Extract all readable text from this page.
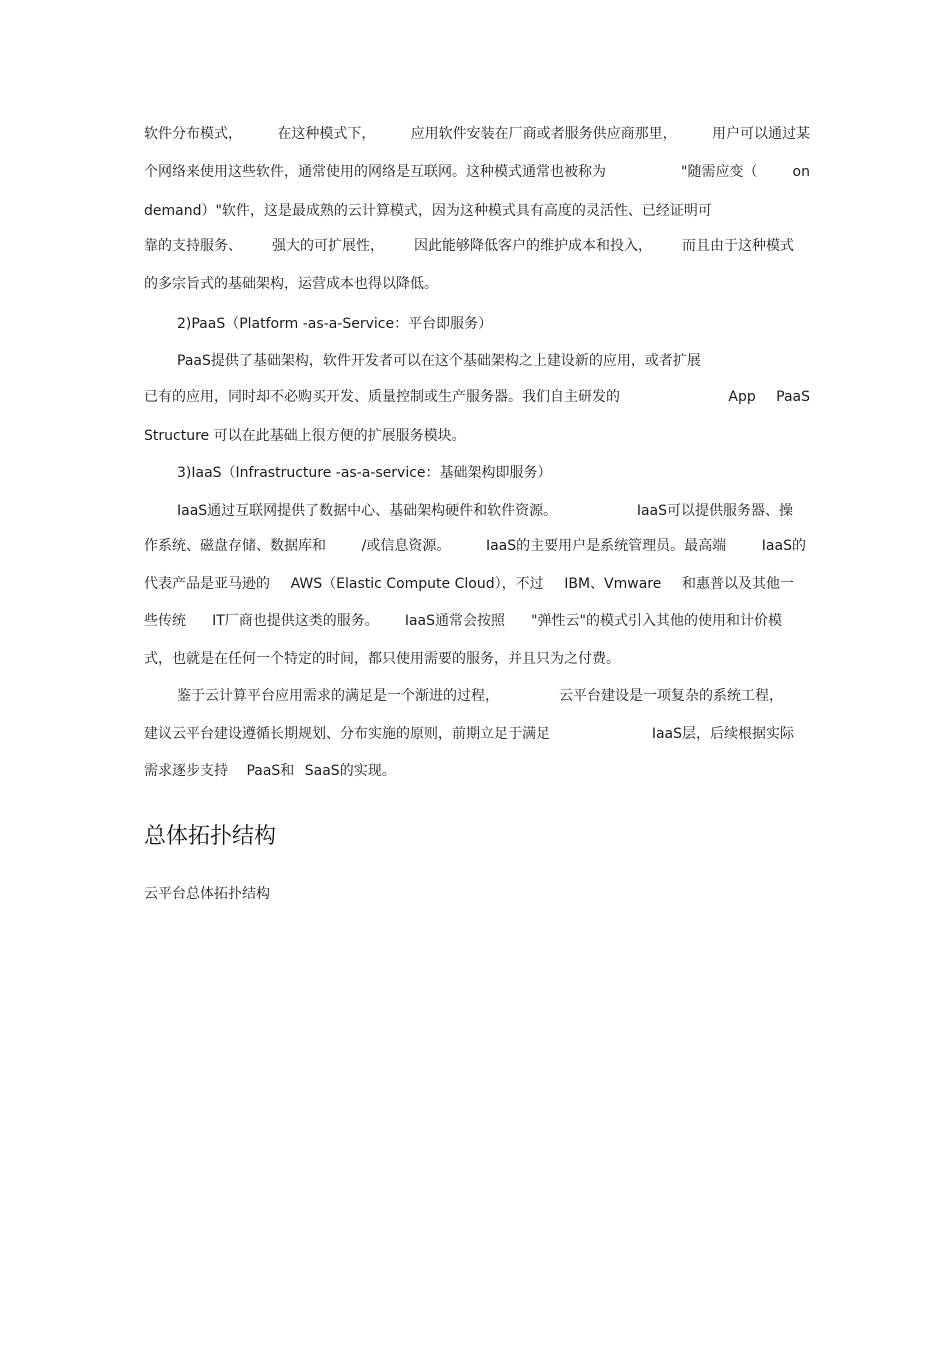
软件分布模式，	在这种模式下，	应用软件安装在厂商或者服务供应商那里，	用户可以通过某

个网络来使用这些软件，通常使用的网络是互联网。这种模式通常也被称为	"随需应变（	on

demand）"软件，这是最成熟的云计算模式，因为这种模式具有高度的灵活性、已经证明可

靠的支持服务、 强大的可扩展性， 因此能够降低客户的维护成本和投入， 而且由于这种模式

的多宗旨式的基础架构，运营成本也得以降低。

2)PaaS（Platform -as-a-Service：平台即服务）

PaaS提供了基础架构，软件开发者可以在这个基础架构之上建设新的应用，或者扩展

已有的应用，同时却不必购买开发、质量控制或生产服务器。我们自主研发的	App PaaS

Structure 可以在此基础上很方便的扩展服务模块。

3)IaaS（Infrastructure -as-a-service：基础架构即服务）

IaaS通过互联网提供了数据中心、基础架构硬件和软件资源。	IaaS可以提供服务器、操

作系统、磁盘存储、数据库和	/或信息资源。	IaaS的主要用户是系统管理员。最高端	IaaS的

代表产品是亚马逊的 AWS（Elastic Compute Cloud），不过 IBM、Vmware 和惠普以及其他一

些传统 IT厂商也提供这类的服务。 IaaS通常会按照 "弹性云"的模式引入其他的使用和计价模

式，也就是在任何一个特定的时间，都只使用需要的服务，并且只为之付费。

鉴于云计算平台应用需求的满足是一个渐进的过程，	云平台建设是一项复杂的系统工程，

建议云平台建设遵循长期规划、分布实施的原则，前期立足于满足	IaaS层，后续根据实际

需求逐步支持 PaaS和 SaaS的实现。

总体拓扑结构

云平台总体拓扑结构
